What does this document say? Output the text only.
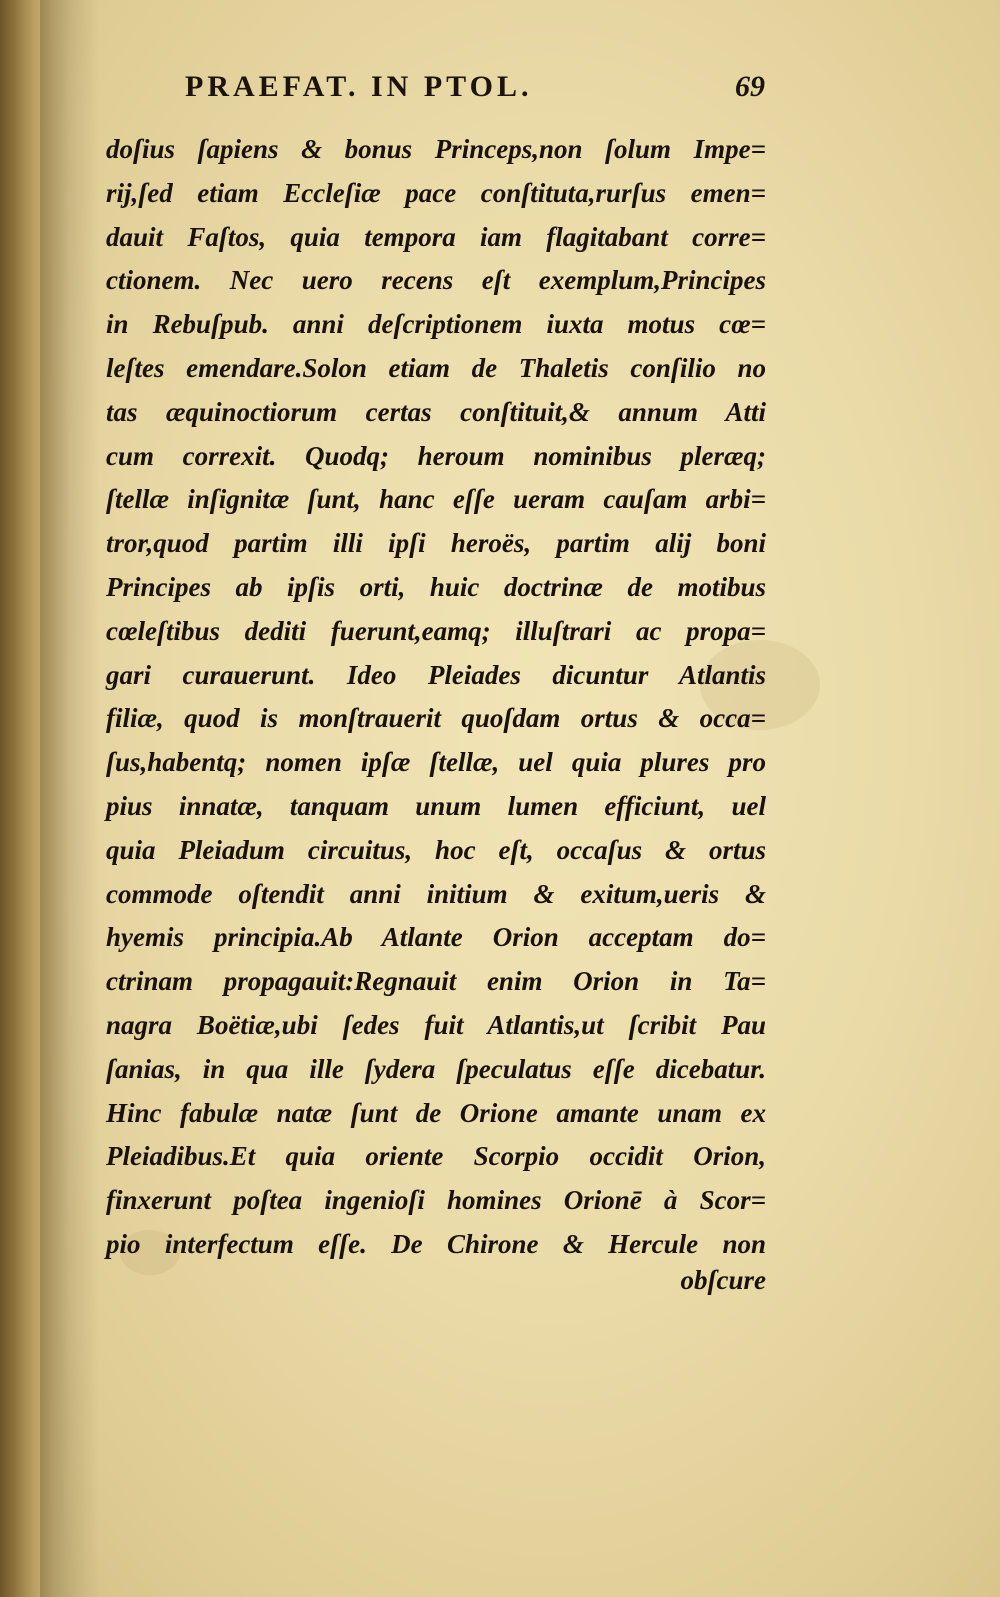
PRAEFAT. IN PTOL.	69
doſius ſapiens & bonus Princeps,non ſolum Impe=
rij,ſed etiam Eccleſiæ pace conſtituta,rurſus emen=
dauit Faſtos, quia tempora iam flagitabant corre=
ctionem. Nec uero recens eſt exemplum,Principes
in Rebuſpub. anni deſcriptionem iuxta motus cœ=
leſtes emendare.Solon etiam de Thaletis conſilio no
tas æquinoctiorum certas conſtituit,& annum Atti
cum correxit. Quodq; heroum nominibus pleræq;
ſtellæ inſignitæ ſunt, hanc eſſe ueram cauſam arbi=
tror,quod partim illi ipſi heroës, partim alij boni
Principes ab ipſis orti, huic doctrinæ de motibus
cœleſtibus dediti fuerunt,eamq; illuſtrari ac propa=
gari curauerunt. Ideo Pleiades dicuntur Atlantis
filiæ, quod is monſtrauerit quoſdam ortus & occa=
ſus,habentq; nomen ipſæ ſtellæ, uel quia plures pro
pius innatæ, tanquam unum lumen efficiunt, uel
quia Pleiadum circuitus, hoc eſt, occaſus & ortus
commode oſtendit anni initium & exitum,ueris &
hyemis principia.Ab Atlante Orion acceptam do=
ctrinam propagauit:Regnauit enim Orion in Ta=
nagra Boëtiæ,ubi ſedes fuit Atlantis,ut ſcribit Pau
ſanias, in qua ille ſydera ſpeculatus eſſe dicebatur.
Hinc fabulæ natæ ſunt de Orione amante unam ex
Pleiadibus.Et quia oriente Scorpio occidit Orion,
finxerunt poſtea ingenioſi homines Orionē à Scor=
pio interfectum eſſe. De Chirone & Hercule non
obſcure
